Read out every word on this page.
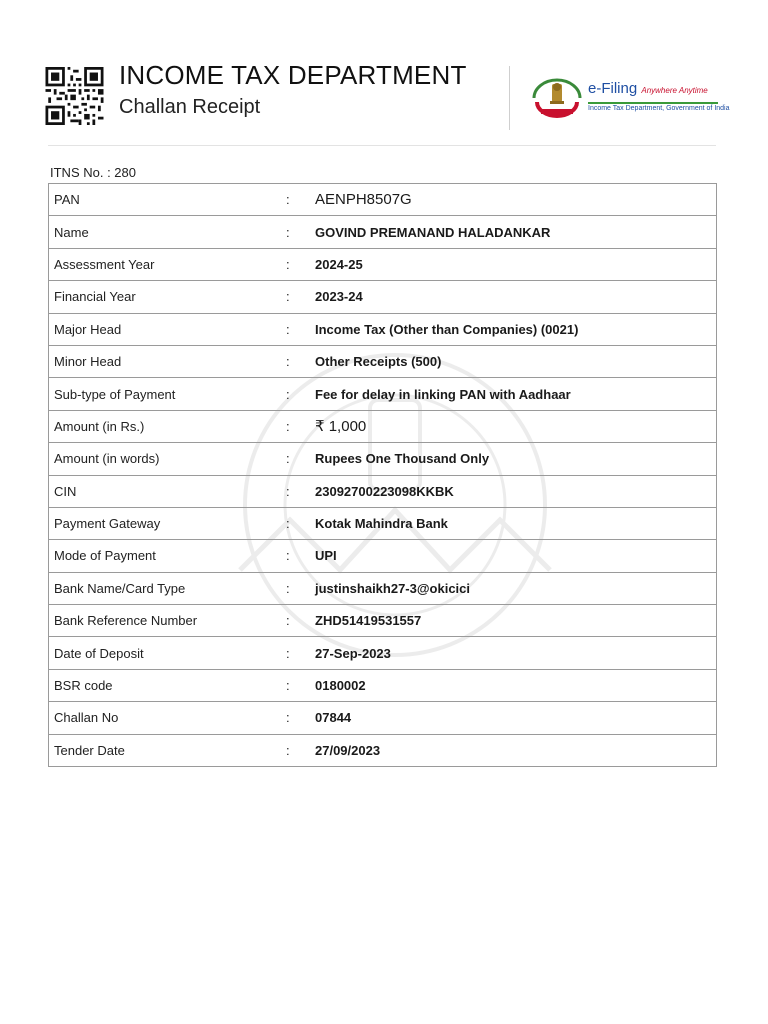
INCOME TAX DEPARTMENT
Challan Receipt
e-Filing Anywhere Anytime
Income Tax Department, Government of India
ITNS No. : 280
PAN	:	AENPH8507G
Name	:	GOVIND PREMANAND HALADANKAR
Assessment Year	:	2024-25
Financial Year	:	2023-24
Major Head	:	Income Tax (Other than Companies) (0021)
Minor Head	:	Other Receipts (500)
Sub-type of Payment	:	Fee for delay in linking PAN with Aadhaar
Amount (in Rs.)	:	₹ 1,000
Amount (in words)	:	Rupees One Thousand Only
CIN	:	23092700223098KKBK
Payment Gateway	:	Kotak Mahindra Bank
Mode of Payment	:	UPI
Bank Name/Card Type	:	justinshaikh27-3@okicici
Bank Reference Number	:	ZHD51419531557
Date of Deposit	:	27-Sep-2023
BSR code	:	0180002
Challan No	:	07844
Tender Date	:	27/09/2023
